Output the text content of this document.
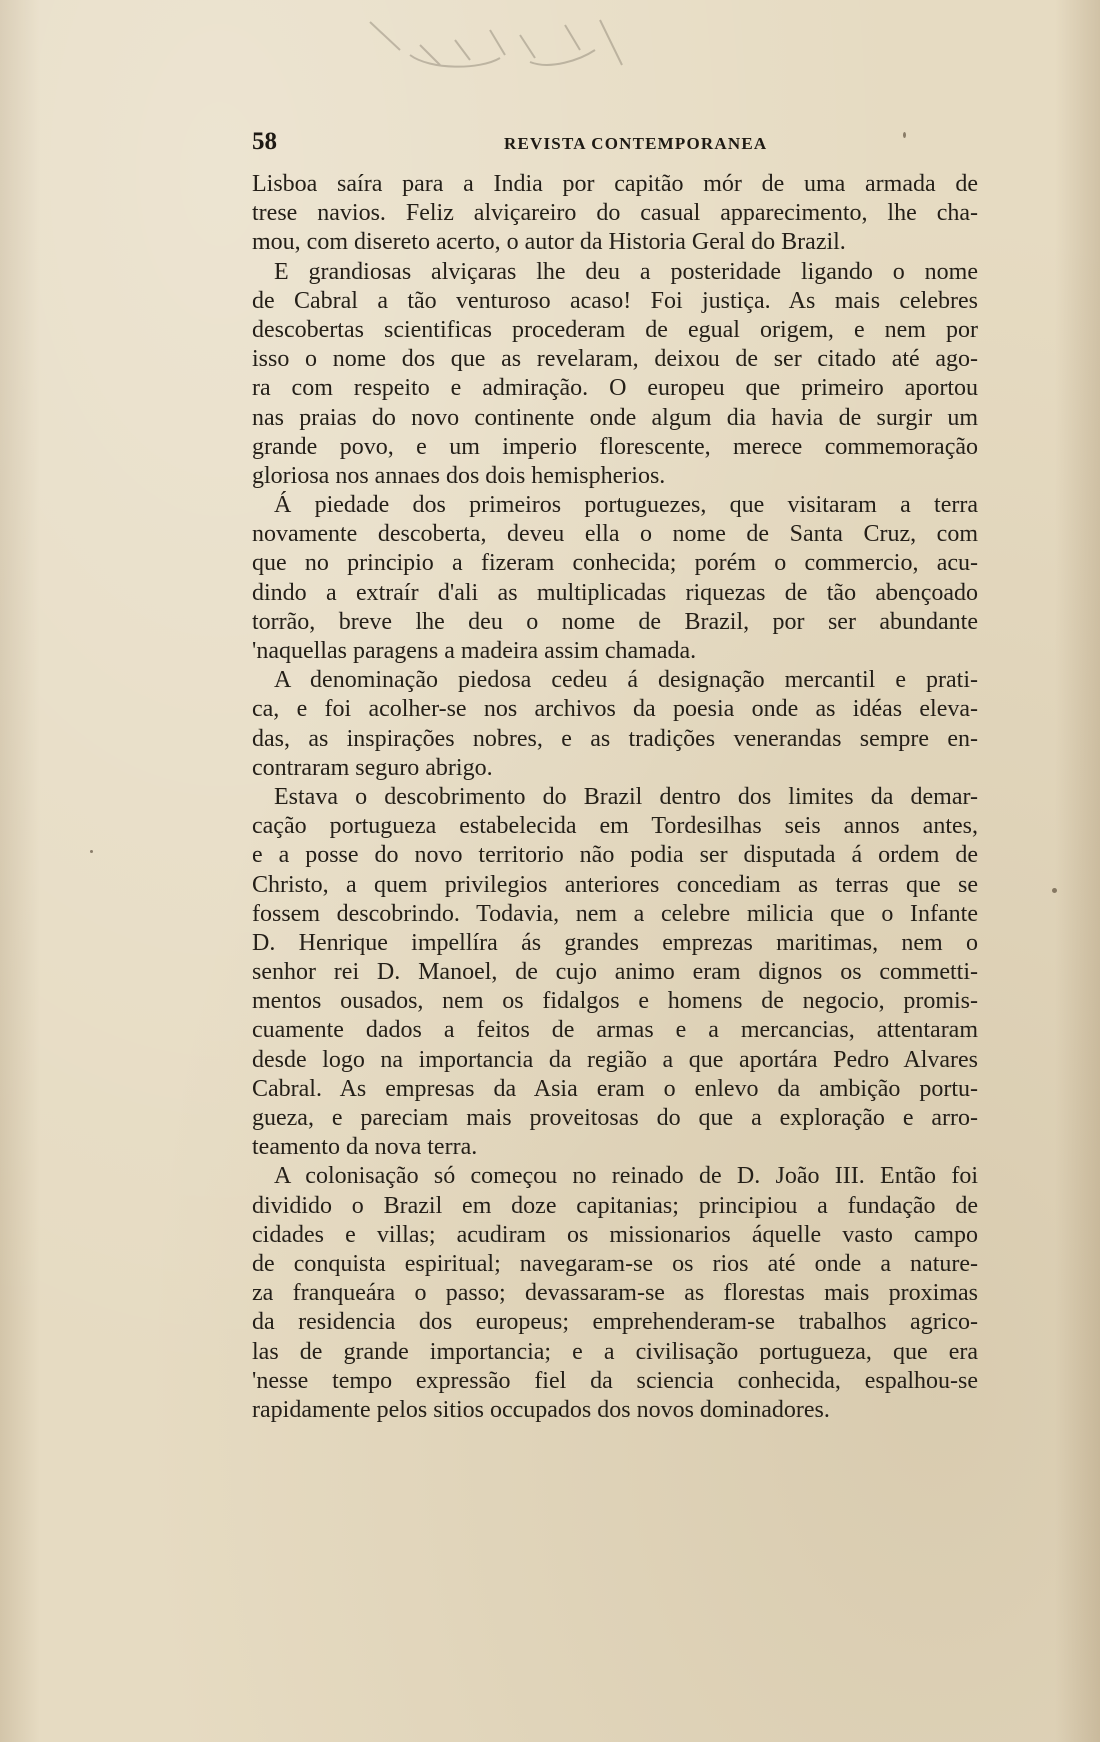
58	REVISTA CONTEMPORANEA
Lisboa saíra para a India por capitão mór de uma armada de
trese navios. Feliz alviçareiro do casual apparecimento, lhe cha-
mou, com disereto acerto, o autor da Historia Geral do Brazil.
E grandiosas alviçaras lhe deu a posteridade ligando o nome
de Cabral a tão venturoso acaso! Foi justiça. As mais celebres
descobertas scientificas procederam de egual origem, e nem por
isso o nome dos que as revelaram, deixou de ser citado até ago-
ra com respeito e admiração. O europeu que primeiro aportou
nas praias do novo continente onde algum dia havia de surgir um
grande povo, e um imperio florescente, merece commemoração
gloriosa nos annaes dos dois hemispherios.
Á piedade dos primeiros portuguezes, que visitaram a terra
novamente descoberta, deveu ella o nome de Santa Cruz, com
que no principio a fizeram conhecida; porém o commercio, acu-
dindo a extraír d'ali as multiplicadas riquezas de tão abençoado
torrão, breve lhe deu o nome de Brazil, por ser abundante
'naquellas paragens a madeira assim chamada.
A denominação piedosa cedeu á designação mercantil e prati-
ca, e foi acolher-se nos archivos da poesia onde as idéas eleva-
das, as inspirações nobres, e as tradições venerandas sempre en-
contraram seguro abrigo.
Estava o descobrimento do Brazil dentro dos limites da demar-
cação portugueza estabelecida em Tordesilhas seis annos antes,
e a posse do novo territorio não podia ser disputada á ordem de
Christo, a quem privilegios anteriores concediam as terras que se
fossem descobrindo. Todavia, nem a celebre milicia que o Infante
D. Henrique impellíra ás grandes emprezas maritimas, nem o
senhor rei D. Manoel, de cujo animo eram dignos os commetti-
mentos ousados, nem os fidalgos e homens de negocio, promis-
cuamente dados a feitos de armas e a mercancias, attentaram
desde logo na importancia da região a que aportára Pedro Alvares
Cabral. As empresas da Asia eram o enlevo da ambição portu-
gueza, e pareciam mais proveitosas do que a exploração e arro-
teamento da nova terra.
A colonisação só começou no reinado de D. João III. Então foi
dividido o Brazil em doze capitanias; principiou a fundação de
cidades e villas; acudiram os missionarios áquelle vasto campo
de conquista espiritual; navegaram-se os rios até onde a nature-
za franqueára o passo; devassaram-se as florestas mais proximas
da residencia dos europeus; emprehenderam-se trabalhos agrico-
las de grande importancia; e a civilisação portugueza, que era
'nesse tempo expressão fiel da sciencia conhecida, espalhou-se
rapidamente pelos sitios occupados dos novos dominadores.
